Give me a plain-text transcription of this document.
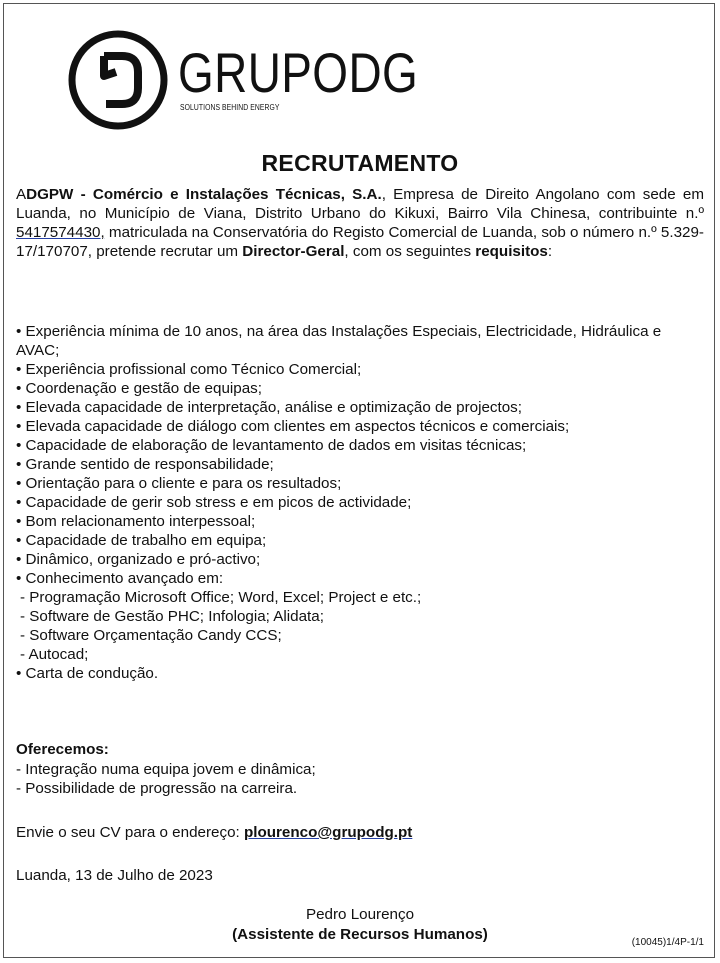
GRUPODG
SOLUTIONS BEHIND ENERGY
RECRUTAMENTO
ADGPW - Comércio e Instalações Técnicas, S.A., Empresa de Direito Angolano com sede em Luanda, no Município de Viana, Distrito Urbano do Kikuxi, Bairro Vila Chinesa, contribuinte n.º 5417574430, matriculada na Conservatória do Registo Comercial de Luanda, sob o número n.º 5.329-17/170707, pretende recrutar um Director-Geral, com os seguintes requisitos:
• Experiência mínima de 10 anos, na área das Instalações Especiais, Electricidade, Hidráulica e AVAC;
• Experiência profissional como Técnico Comercial;
• Coordenação e gestão de equipas;
• Elevada capacidade de interpretação, análise e optimização de projectos;
• Elevada capacidade de diálogo com clientes em aspectos técnicos e comerciais;
• Capacidade de elaboração de levantamento de dados em visitas técnicas;
• Grande sentido de responsabilidade;
• Orientação para o cliente e para os resultados;
• Capacidade de gerir sob stress e em picos de actividade;
• Bom relacionamento interpessoal;
• Capacidade de trabalho em equipa;
• Dinâmico, organizado e pró-activo;
• Conhecimento avançado em:
- Programação Microsoft Office; Word, Excel; Project e etc.;
- Software de Gestão PHC; Infologia; Alidata;
- Software Orçamentação Candy CCS;
- Autocad;
• Carta de condução.
Oferecemos:
- Integração numa equipa jovem e dinâmica;
- Possibilidade de progressão na carreira.
Envie o seu CV para o endereço: plourenco@grupodg.pt
Luanda, 13 de Julho de 2023
Pedro Lourenço
(Assistente de Recursos Humanos)	(10045)1/4P-1/1
